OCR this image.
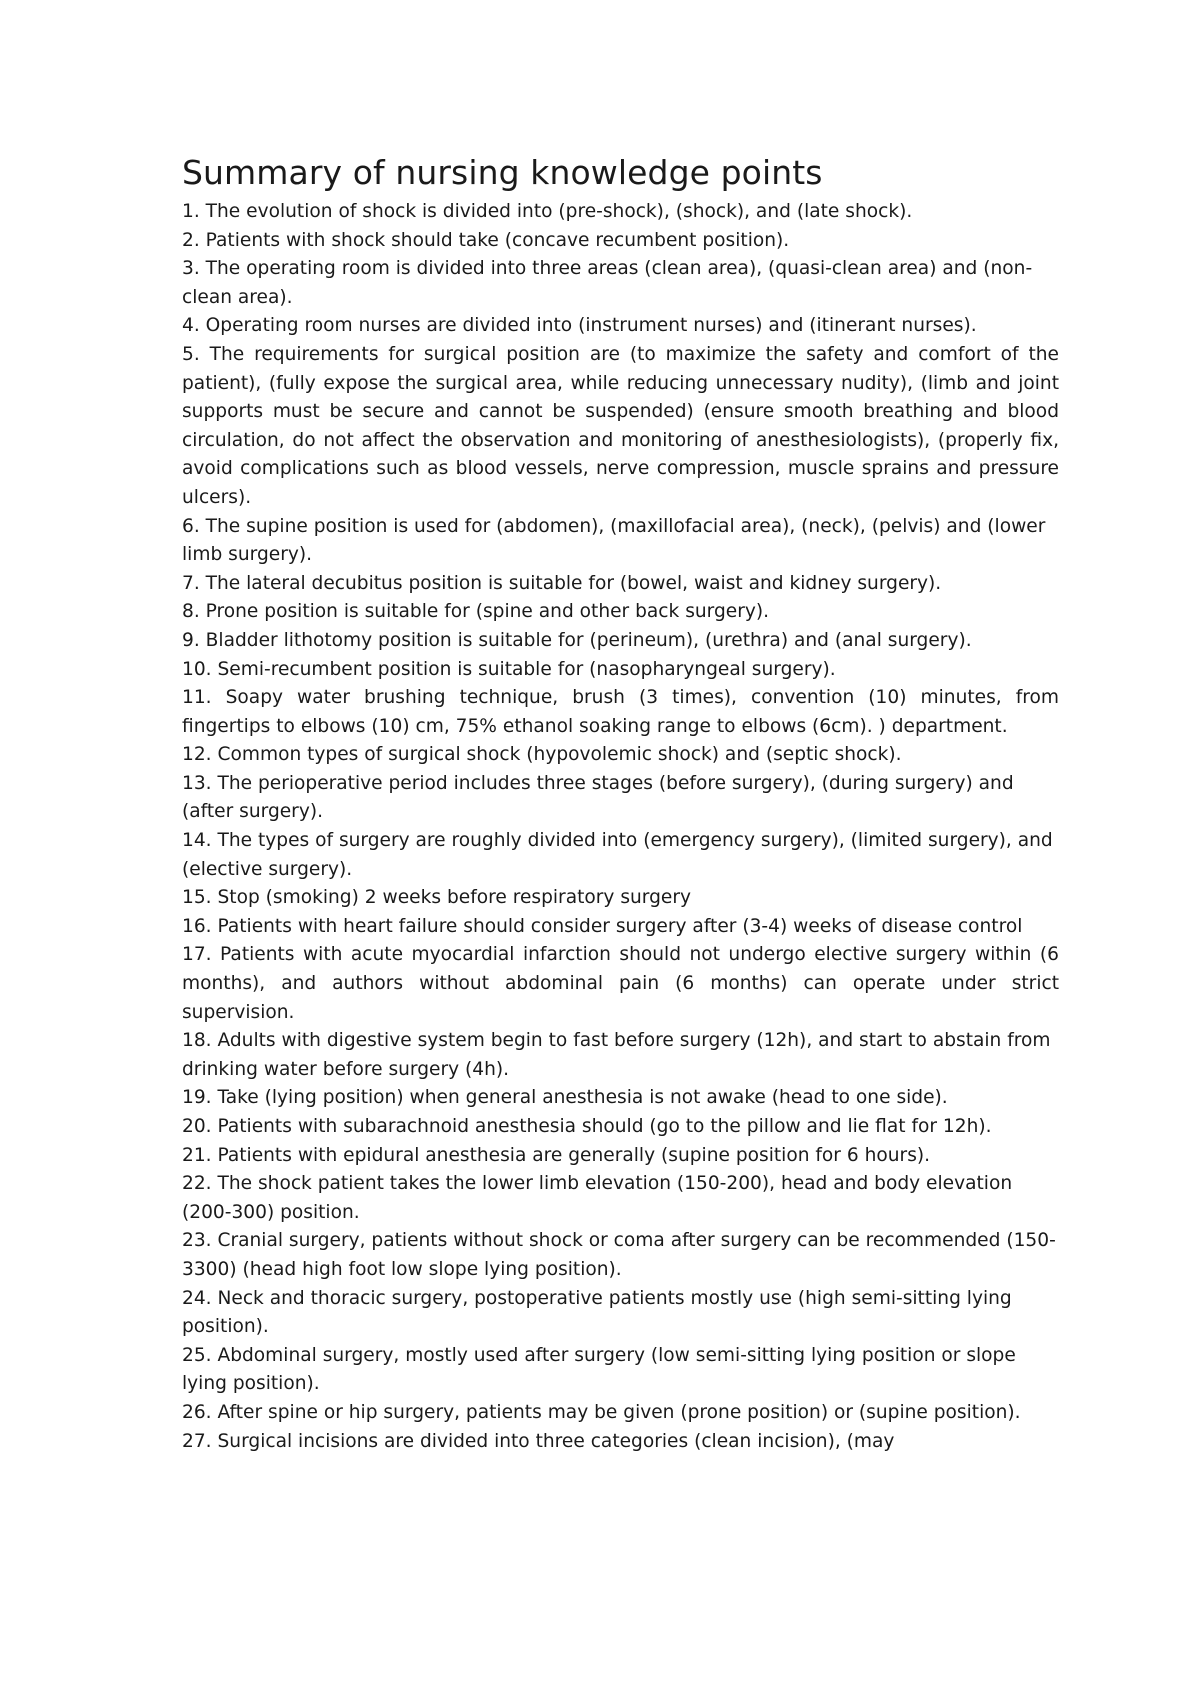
Summary of nursing knowledge points

1. The evolution of shock is divided into (pre-shock), (shock), and (late shock).

2. Patients with shock should take (concave recumbent position).

3. The operating room is divided into three areas (clean area), (quasi-clean area) and (non-clean area).

4. Operating room nurses are divided into (instrument nurses) and (itinerant nurses).

5. The requirements for surgical position are (to maximize the safety and comfort of the patient), (fully expose the surgical area, while reducing unnecessary nudity), (limb and joint supports must be secure and cannot be suspended) (ensure smooth breathing and blood circulation, do not affect the observation and monitoring of anesthesiologists), (properly fix, avoid complications such as blood vessels, nerve compression, muscle sprains and pressure ulcers).

6. The supine position is used for (abdomen), (maxillofacial area), (neck), (pelvis) and (lower limb surgery).

7. The lateral decubitus position is suitable for (bowel, waist and kidney surgery).

8. Prone position is suitable for (spine and other back surgery).

9. Bladder lithotomy position is suitable for (perineum), (urethra) and (anal surgery).

10. Semi-recumbent position is suitable for (nasopharyngeal surgery).

11. Soapy water brushing technique, brush (3 times), convention (10) minutes, from fingertips to elbows (10) cm, 75% ethanol soaking range to elbows (6cm). ) department.

12. Common types of surgical shock (hypovolemic shock) and (septic shock).

13. The perioperative period includes three stages (before surgery), (during surgery) and (after surgery).

14. The types of surgery are roughly divided into (emergency surgery), (limited surgery), and (elective surgery).

15. Stop (smoking) 2 weeks before respiratory surgery

16. Patients with heart failure should consider surgery after (3-4) weeks of disease control

17. Patients with acute myocardial infarction should not undergo elective surgery within (6 months), and authors without abdominal pain (6 months) can operate under strict supervision.

18. Adults with digestive system begin to fast before surgery (12h), and start to abstain from drinking water before surgery (4h).

19. Take (lying position) when general anesthesia is not awake (head to one side).

20. Patients with subarachnoid anesthesia should (go to the pillow and lie flat for 12h).

21. Patients with epidural anesthesia are generally (supine position for 6 hours).

22. The shock patient takes the lower limb elevation (150-200), head and body elevation (200-300) position.

23. Cranial surgery, patients without shock or coma after surgery can be recommended (150-3300) (head high foot low slope lying position).

24. Neck and thoracic surgery, postoperative patients mostly use (high semi-sitting lying position).

25. Abdominal surgery, mostly used after surgery (low semi-sitting lying position or slope lying position).

26. After spine or hip surgery, patients may be given (prone position) or (supine position).

27. Surgical incisions are divided into three categories (clean incision), (may
